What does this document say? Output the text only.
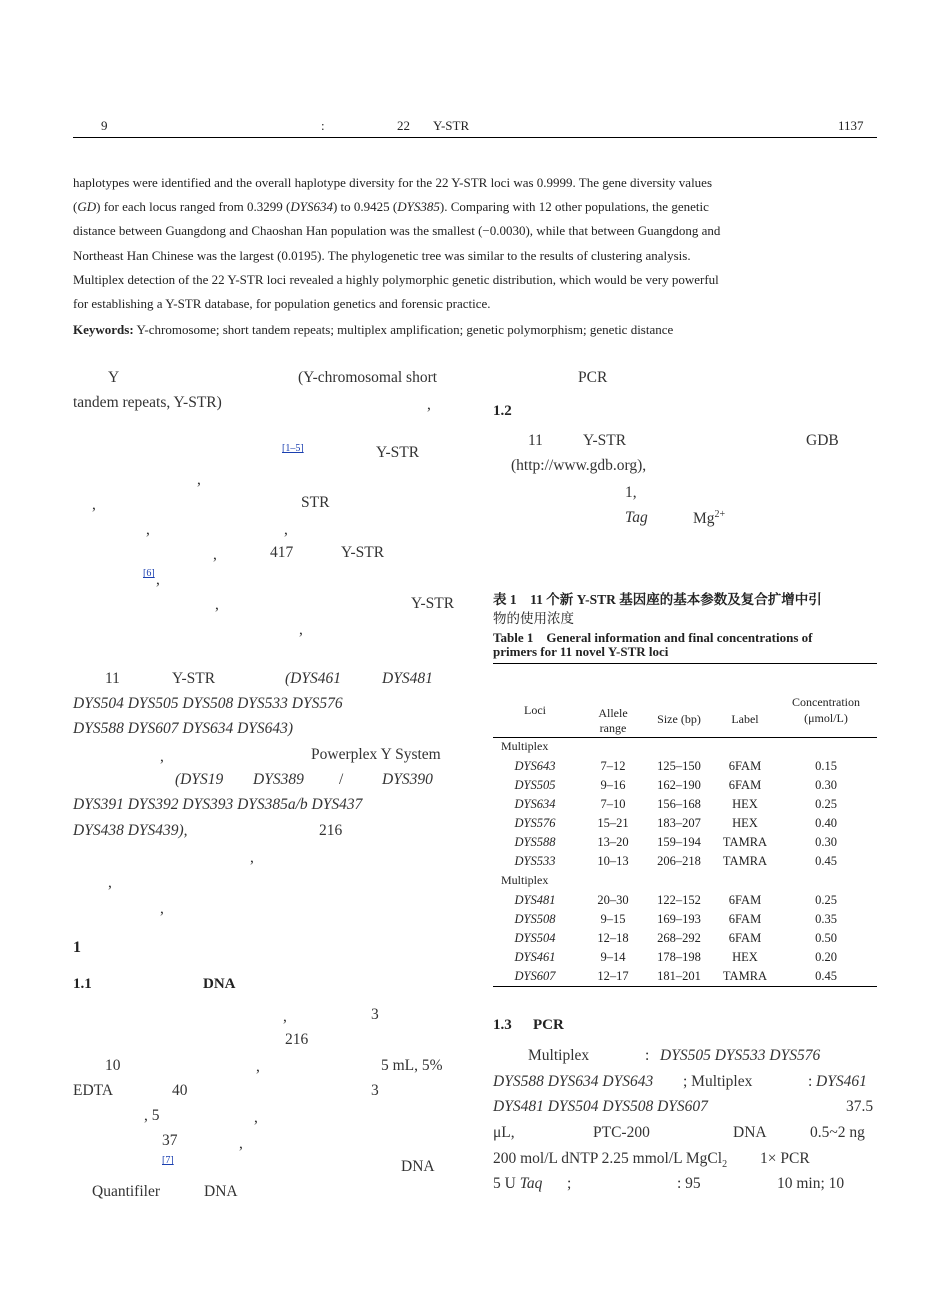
9	:	22 Y-STR	1137
haplotypes were identified and the overall haplotype diversity for the 22 Y-STR loci was 0.9999. The gene diversity values
(GD) for each locus ranged from 0.3299 (DYS634) to 0.9425 (DYS385). Comparing with 12 other populations, the genetic
distance between Guangdong and Chaoshan Han population was the smallest (−0.0030), while that between Guangdong and
Northeast Han Chinese was the largest (0.0195). The phylogenetic tree was similar to the results of clustering analysis.
Multiplex detection of the 22 Y-STR loci revealed a highly polymorphic genetic distribution, which would be very powerful
for establishing a Y-STR database, for population genetics and forensic practice.
Keywords: Y-chromosome; short tandem repeats; multiplex amplification; genetic polymorphism; genetic distance
Y	(Y-chromosomal short
tandem repeats, Y-STR)	,
[1–5]	Y-STR
,
,	STR
,	,
,	417	Y-STR
[6] ,
,	Y-STR
,
11	Y-STR	(DYS461	DYS481
DYS504 DYS505 DYS508 DYS533 DYS576
DYS588 DYS607 DYS634 DYS643)
,	Powerplex Y System
(DYS19 DYS389 / DYS390
DYS391 DYS392 DYS393 DYS385a/b DYS437
DYS438 DYS439),	216
,
,
,
1
1.1	DNA
,	3
216
10	,	5 mL, 5%
EDTA	40	3
, 5	,
37	,
[7]	DNA
Quantifiler	DNA
PCR
1.2
11	Y-STR	GDB
(http://www.gdb.org),
1,
Tag	$Mg^{2+}$
表 1　11 个新 Y-STR 基因座的基本参数及复合扩增中引
物的使用浓度
Table 1　General information and final concentrations of
primers for 11 novel Y-STR loci
Loci	Allele
range
Size (bp)	Label
Concentration
(μmol/L)
Multiplex
Multiplex
DYS643	7–12	125–150	6FAM	0.15
DYS505	9–16	162–190	6FAM	0.30
DYS634	7–10	156–168	HEX	0.25
DYS576	15–21	183–207	HEX	0.40
DYS588	13–20	159–194	TAMRA	0.30
DYS533	10–13	206–218	TAMRA	0.45
DYS481	20–30	122–152	6FAM	0.25
DYS508	9–15	169–193	6FAM	0.35
DYS504	12–18	268–292	6FAM	0.50
DYS461	9–14	178–198	HEX	0.20
DYS607	12–17	181–201	TAMRA	0.45
1.3 PCR
Multiplex	: DYS505 DYS533 DYS576
DYS588 DYS634 DYS643 ; Multiplex	: DYS461
DYS481 DYS504 DYS508 DYS607	37.5
μL,	PTC-200	DNA	0.5~2 ng
200 mol/L dNTP 2.25 mmol/L MgCl$_2$ 1× PCR
5 U Taq ;	: 95	10 min; 10
